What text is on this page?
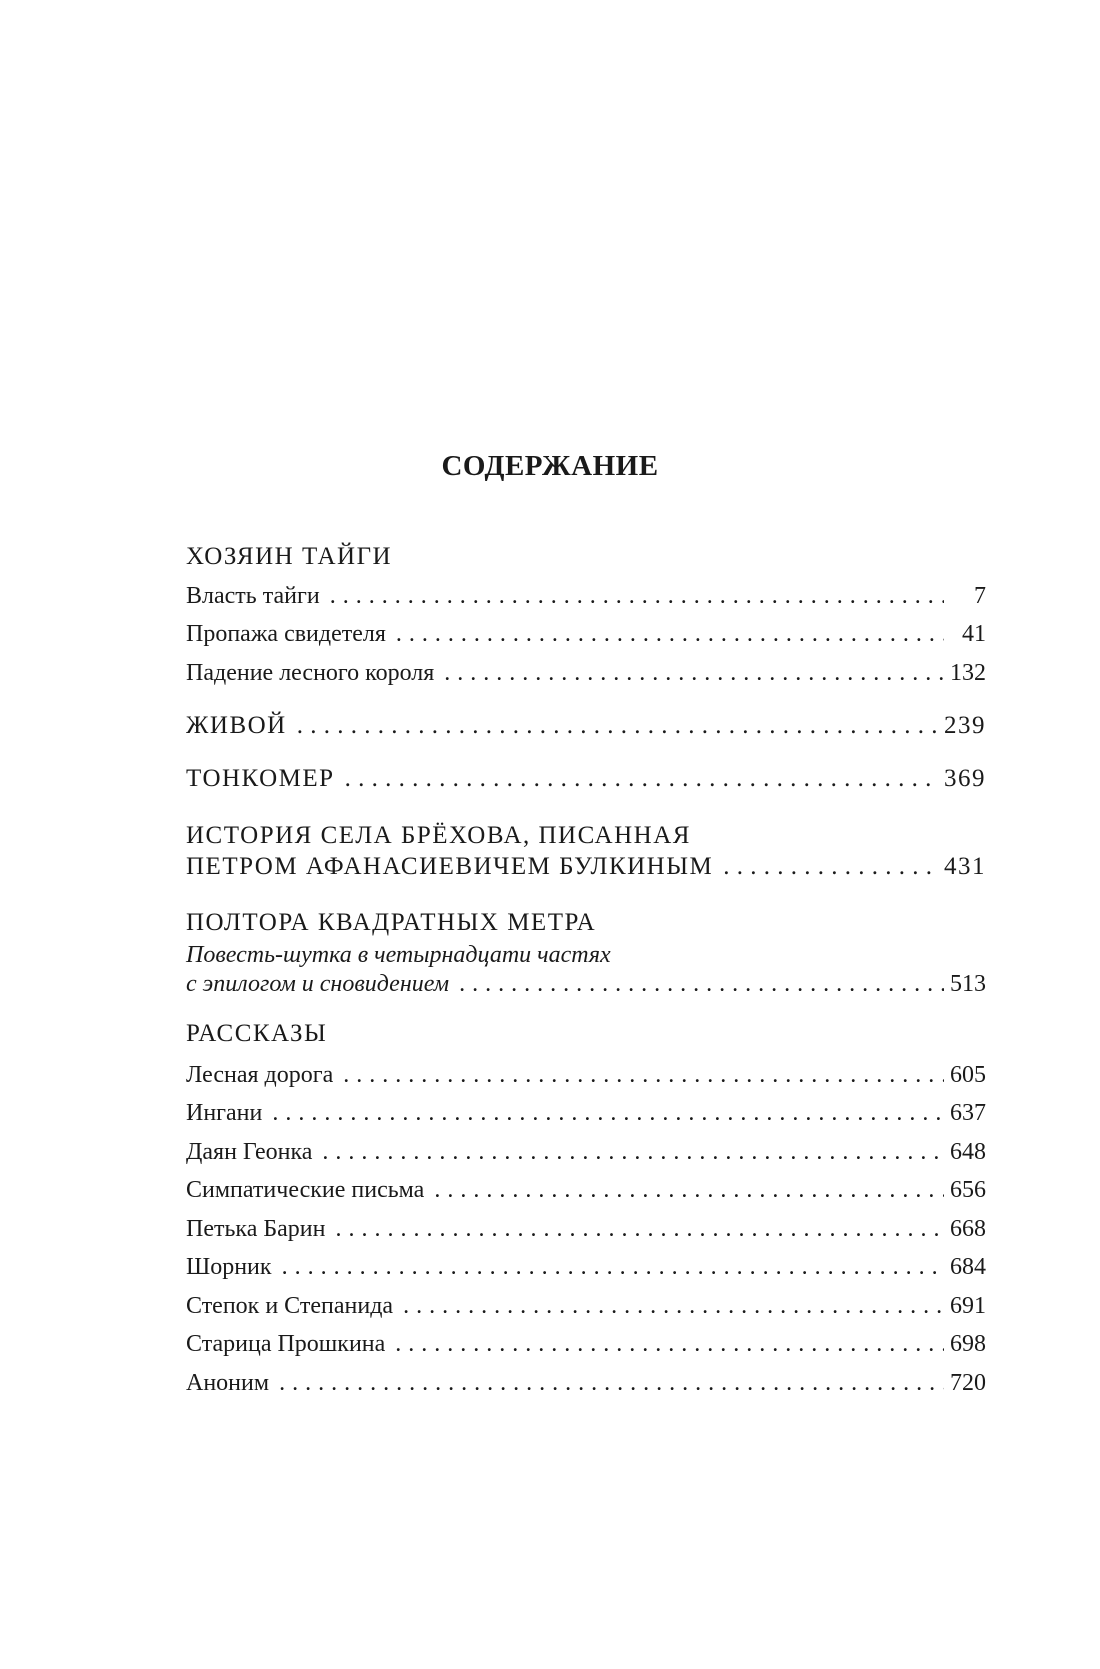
СОДЕРЖАНИЕ
ХОЗЯИН ТАЙГИ
Власть тайги . . .	7
Пропажа свидетеля . . .	41
Падение лесного короля . . .	132
ЖИВОЙ . . .	239
ТОНКОМЕР . . .	369
ИСТОРИЯ СЕЛА БРЁХОВА, ПИСАННАЯ
ПЕТРОМ АФАНАСИЕВИЧЕМ БУЛКИНЫМ . . .	431
ПОЛТОРА КВАДРАТНЫХ МЕТРА
Повесть-шутка в четырнадцати частях
с эпилогом и сновидением . . .	513
РАССКАЗЫ
Лесная дорога . . .	605
Ингани . . .	637
Даян Геонка . . .	648
Симпатические письма . . .	656
Петька Барин . . .	668
Шорник . . .	684
Степок и Степанида . . .	691
Старица Прошкина . . .	698
Аноним . . .	720
